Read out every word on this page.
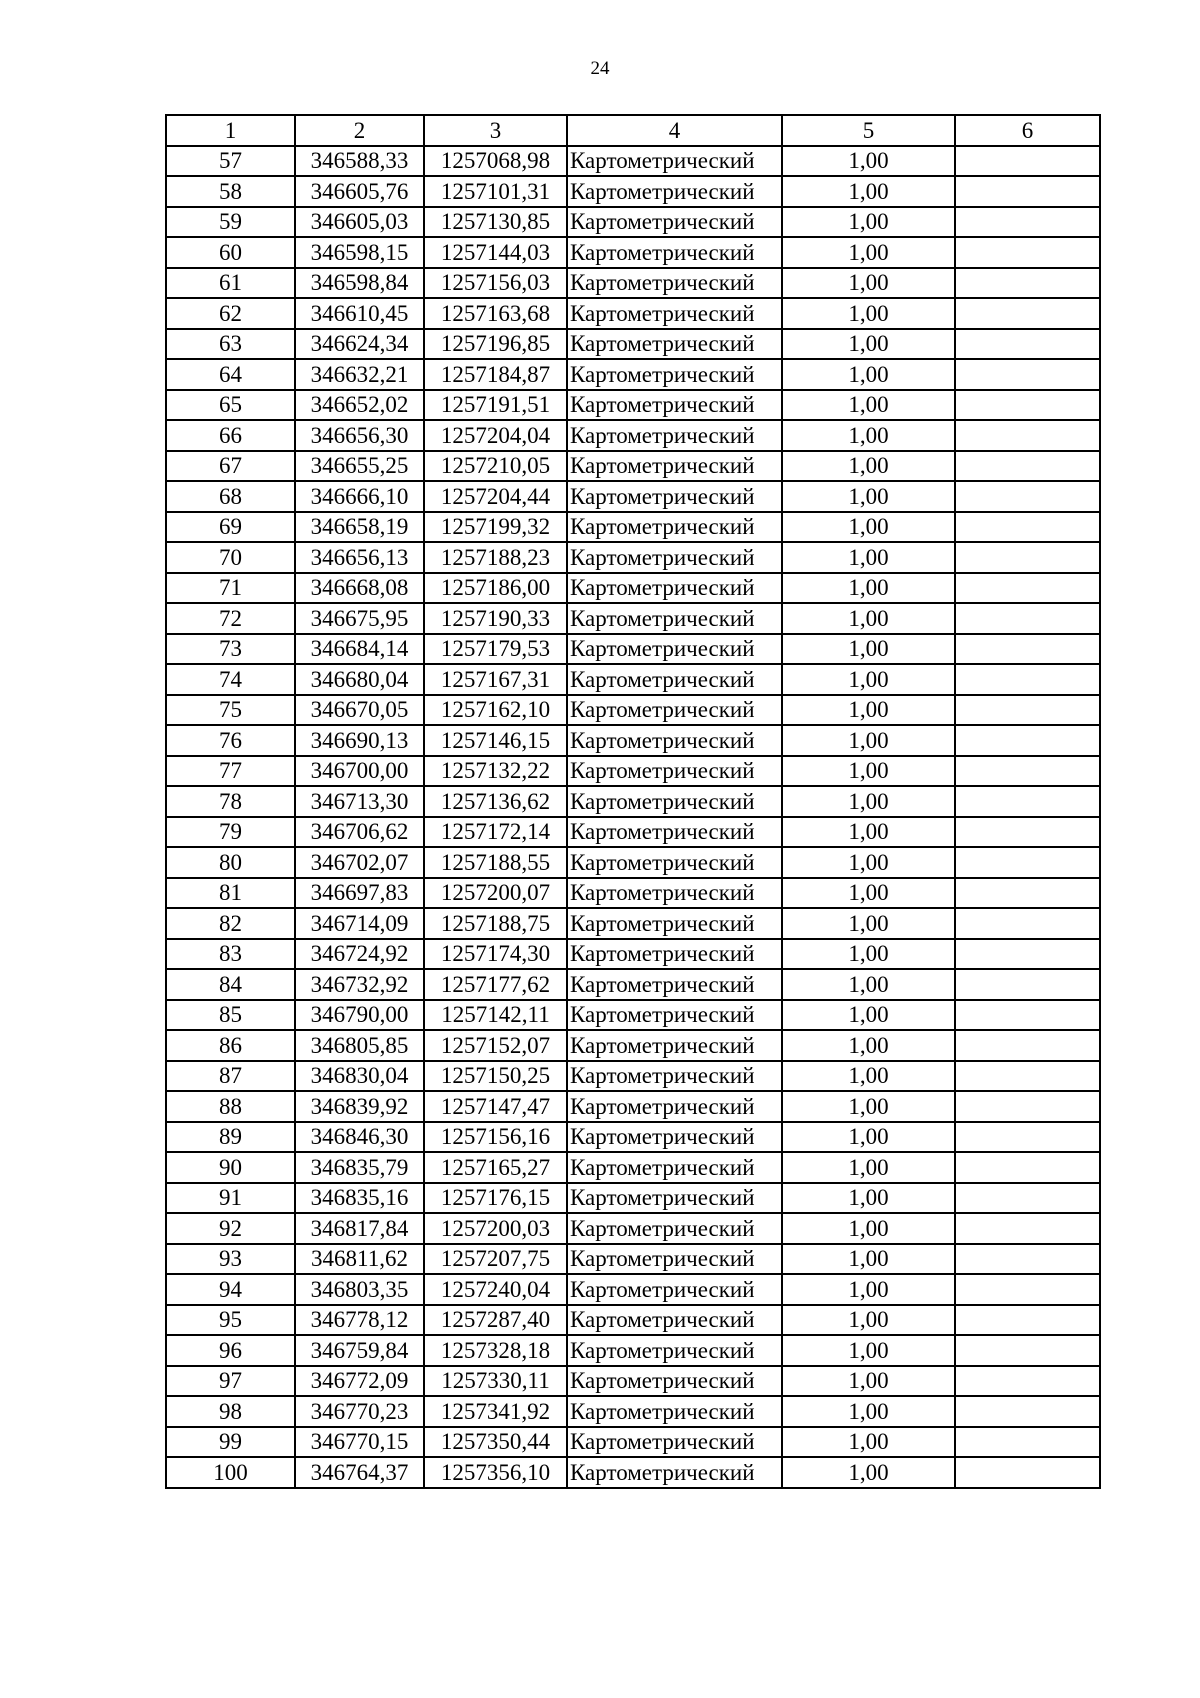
24
1	2	3	4	5	6
57	346588,33	1257068,98	Картометрический	1,00	
58	346605,76	1257101,31	Картометрический	1,00	
59	346605,03	1257130,85	Картометрический	1,00	
60	346598,15	1257144,03	Картометрический	1,00	
61	346598,84	1257156,03	Картометрический	1,00	
62	346610,45	1257163,68	Картометрический	1,00	
63	346624,34	1257196,85	Картометрический	1,00	
64	346632,21	1257184,87	Картометрический	1,00	
65	346652,02	1257191,51	Картометрический	1,00	
66	346656,30	1257204,04	Картометрический	1,00	
67	346655,25	1257210,05	Картометрический	1,00	
68	346666,10	1257204,44	Картометрический	1,00	
69	346658,19	1257199,32	Картометрический	1,00	
70	346656,13	1257188,23	Картометрический	1,00	
71	346668,08	1257186,00	Картометрический	1,00	
72	346675,95	1257190,33	Картометрический	1,00	
73	346684,14	1257179,53	Картометрический	1,00	
74	346680,04	1257167,31	Картометрический	1,00	
75	346670,05	1257162,10	Картометрический	1,00	
76	346690,13	1257146,15	Картометрический	1,00	
77	346700,00	1257132,22	Картометрический	1,00	
78	346713,30	1257136,62	Картометрический	1,00	
79	346706,62	1257172,14	Картометрический	1,00	
80	346702,07	1257188,55	Картометрический	1,00	
81	346697,83	1257200,07	Картометрический	1,00	
82	346714,09	1257188,75	Картометрический	1,00	
83	346724,92	1257174,30	Картометрический	1,00	
84	346732,92	1257177,62	Картометрический	1,00	
85	346790,00	1257142,11	Картометрический	1,00	
86	346805,85	1257152,07	Картометрический	1,00	
87	346830,04	1257150,25	Картометрический	1,00	
88	346839,92	1257147,47	Картометрический	1,00	
89	346846,30	1257156,16	Картометрический	1,00	
90	346835,79	1257165,27	Картометрический	1,00	
91	346835,16	1257176,15	Картометрический	1,00	
92	346817,84	1257200,03	Картометрический	1,00	
93	346811,62	1257207,75	Картометрический	1,00	
94	346803,35	1257240,04	Картометрический	1,00	
95	346778,12	1257287,40	Картометрический	1,00	
96	346759,84	1257328,18	Картометрический	1,00	
97	346772,09	1257330,11	Картометрический	1,00	
98	346770,23	1257341,92	Картометрический	1,00	
99	346770,15	1257350,44	Картометрический	1,00	
100	346764,37	1257356,10	Картометрический	1,00	
